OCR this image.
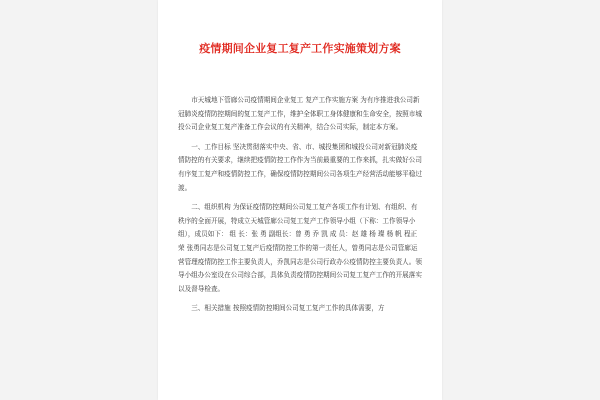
疫情期间企业复工复产工作实施策划方案

市天城地下管廊公司疫情期间企业复工 复产工作实施方案 为有序推进我公司新冠肺炎疫情防控期间的复工复产工作，维护全体职工身体健康和生命安全，按照市城投公司企业复工复产准备工作会议的有关精神，结合公司实际，制定本方案。

一、工作目标 坚决贯彻落实中央、省、市、城投集团和城投公司对新冠肺炎疫情防控的有关要求，继续把疫情防控工作作为当前最重要的工作来抓，扎实做好公司有序复工复产和疫情防控工作，确保疫情防控期间公司各项生产经营活动能够平稳过渡。

二、组织机构 为保证疫情防控期间公司复工复产各项工作有计划、有组织、有秩序的全面开展，特成立天城管廊公司复工复产工作领导小组（下称：工作领导小组），成员如下： 组 长：张 勇 副组长：曾 勇 乔 凯 成 员：赵 雄 杨 璨 杨 帆 程正荣 张勇同志是公司复工复产后疫情防控工作的第一责任人，曾勇同志是公司管廊运营管理疫情防控工作主要负责人，乔凯同志是公司行政办公疫情防控主要负责人。领导小组办公室设在公司综合部，具体负责疫情防控期间公司复工复产工作的开展落实以及督导检查。

三、相关措施 按照疫情防控期间公司复工复产工作的具体需要，方
